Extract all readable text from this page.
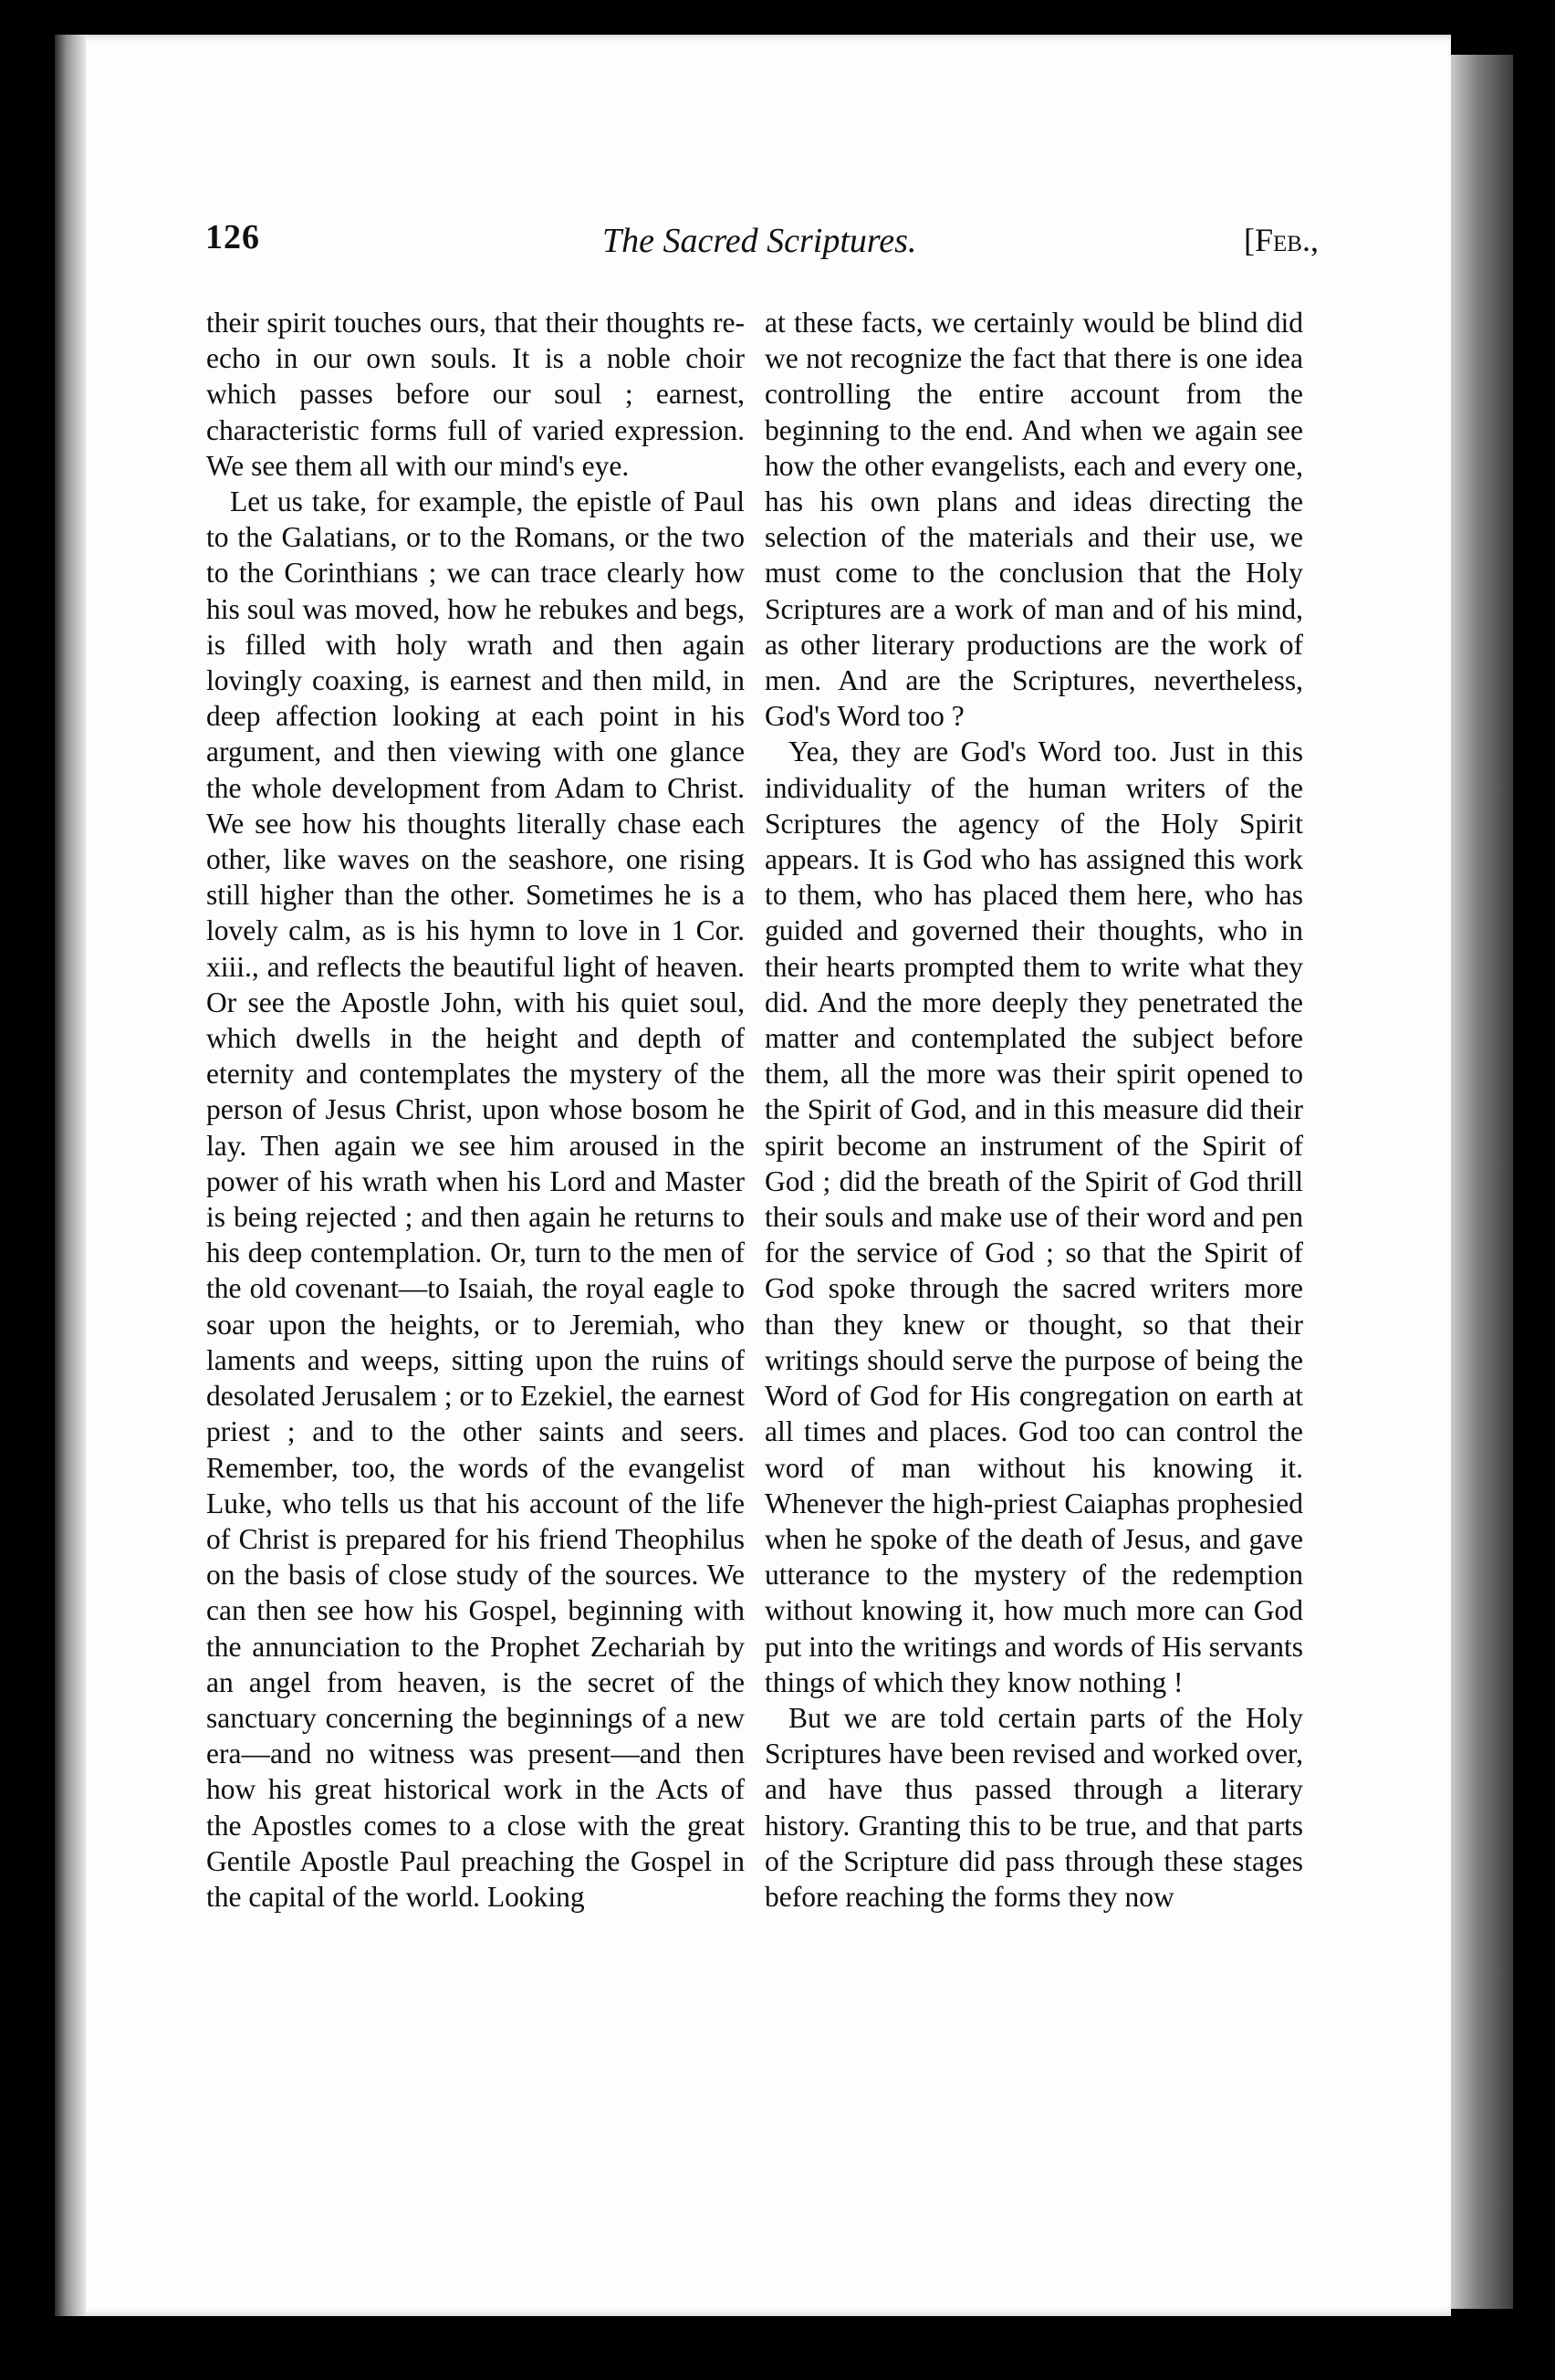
126	The Sacred Scriptures.	[Feb.,

their spirit touches ours, that their thoughts re-echo in our own souls. It is a noble choir which passes before our soul ; earnest, characteristic forms full of varied expression. We see them all with our mind's eye.

Let us take, for example, the epistle of Paul to the Galatians, or to the Romans, or the two to the Corinthians ; we can trace clearly how his soul was moved, how he rebukes and begs, is filled with holy wrath and then again lovingly coaxing, is earnest and then mild, in deep affection looking at each point in his argument, and then viewing with one glance the whole development from Adam to Christ. We see how his thoughts literally chase each other, like waves on the seashore, one rising still higher than the other. Sometimes he is a lovely calm, as is his hymn to love in 1 Cor. xiii., and reflects the beautiful light of heaven. Or see the Apostle John, with his quiet soul, which dwells in the height and depth of eternity and contemplates the mystery of the person of Jesus Christ, upon whose bosom he lay. Then again we see him aroused in the power of his wrath when his Lord and Master is being rejected ; and then again he returns to his deep contemplation. Or, turn to the men of the old covenant—to Isaiah, the royal eagle to soar upon the heights, or to Jeremiah, who laments and weeps, sitting upon the ruins of desolated Jerusalem ; or to Ezekiel, the earnest priest ; and to the other saints and seers. Remember, too, the words of the evangelist Luke, who tells us that his account of the life of Christ is prepared for his friend Theophilus on the basis of close study of the sources. We can then see how his Gospel, beginning with the annunciation to the Prophet Zechariah by an angel from heaven, is the secret of the sanctuary concerning the beginnings of a new era—and no witness was present—and then how his great historical work in the Acts of the Apostles comes to a close with the great Gentile Apostle Paul preaching the Gospel in the capital of the world. Looking

at these facts, we certainly would be blind did we not recognize the fact that there is one idea controlling the entire account from the beginning to the end. And when we again see how the other evangelists, each and every one, has his own plans and ideas directing the selection of the materials and their use, we must come to the conclusion that the Holy Scriptures are a work of man and of his mind, as other literary productions are the work of men. And are the Scriptures, nevertheless, God's Word too ?

Yea, they are God's Word too. Just in this individuality of the human writers of the Scriptures the agency of the Holy Spirit appears. It is God who has assigned this work to them, who has placed them here, who has guided and governed their thoughts, who in their hearts prompted them to write what they did. And the more deeply they penetrated the matter and contemplated the subject before them, all the more was their spirit opened to the Spirit of God, and in this measure did their spirit become an instrument of the Spirit of God ; did the breath of the Spirit of God thrill their souls and make use of their word and pen for the service of God ; so that the Spirit of God spoke through the sacred writers more than they knew or thought, so that their writings should serve the purpose of being the Word of God for His congregation on earth at all times and places. God too can control the word of man without his knowing it. Whenever the high-priest Caiaphas prophesied when he spoke of the death of Jesus, and gave utterance to the mystery of the redemption without knowing it, how much more can God put into the writings and words of His servants things of which they know nothing !

But we are told certain parts of the Holy Scriptures have been revised and worked over, and have thus passed through a literary history. Granting this to be true, and that parts of the Scripture did pass through these stages before reaching the forms they now
